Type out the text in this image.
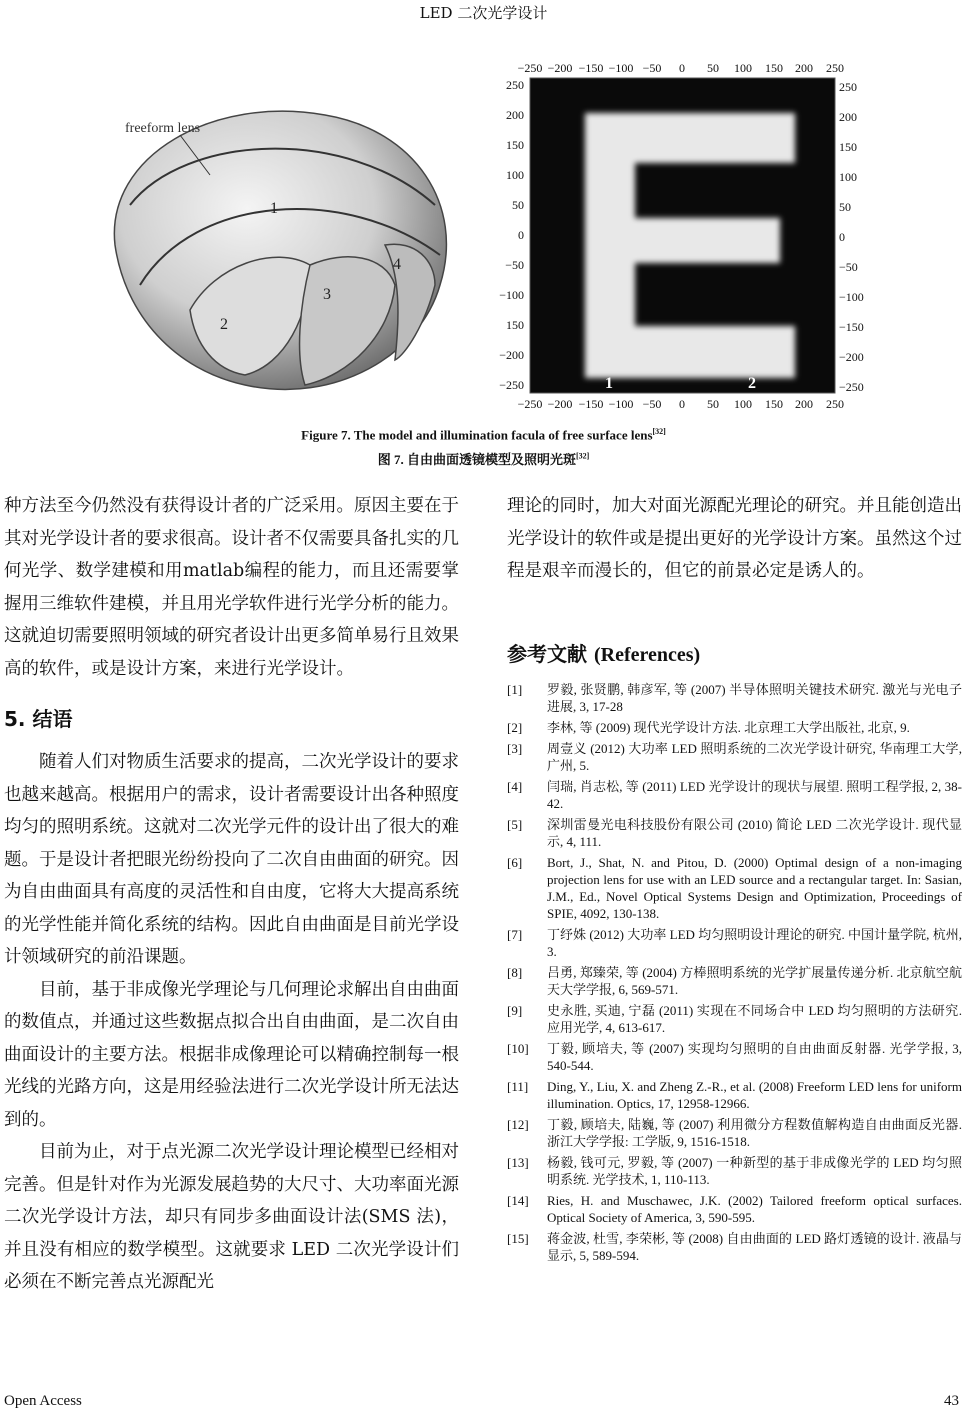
LED 二次光学设计
freeform lens
1
2
3
4
−250 −200 −150 −100 −50 0 50 100 150 200 250
−250 −200 −150 −100 −50 0 50 100 150 200 250
250
200
150
100
50
0
−50
−100
150
−200
−250
250
200
150
100
50
0
−50
−100
−150
−200
−250
1	2
Figure 7. The model and illumination facula of free surface lens[32]
图 7. 自由曲面透镜模型及照明光斑[32]

种方法至今仍然没有获得设计者的广泛采用。原因主要在于其对光学设计者的要求很高。设计者不仅需要具备扎实的几何光学、数学建模和用matlab编程的能力，而且还需要掌握用三维软件建模，并且用光学软件进行光学分析的能力。这就迫切需要照明领域的研究者设计出更多简单易行且效果高的软件，或是设计方案，来进行光学设计。

5. 结语

随着人们对物质生活要求的提高，二次光学设计的要求也越来越高。根据用户的需求，设计者需要设计出各种照度均匀的照明系统。这就对二次光学元件的设计出了很大的难题。于是设计者把眼光纷纷投向了二次自由曲面的研究。因为自由曲面具有高度的灵活性和自由度，它将大大提高系统的光学性能并简化系统的结构。因此自由曲面是目前光学设计领域研究的前沿课题。

目前，基于非成像光学理论与几何理论求解出自由曲面的数值点，并通过这些数据点拟合出自由曲面，是二次自由曲面设计的主要方法。根据非成像理论可以精确控制每一根光线的光路方向，这是用经验法进行二次光学设计所无法达到的。

目前为止，对于点光源二次光学设计理论模型已经相对完善。但是针对作为光源发展趋势的大尺寸、大功率面光源二次光学设计方法，却只有同步多曲面设计法(SMS 法)，并且没有相应的数学模型。这就要求 LED 二次光学设计们必须在不断完善点光源配光

理论的同时，加大对面光源配光理论的研究。并且能创造出光学设计的软件或是提出更好的光学设计方案。虽然这个过程是艰辛而漫长的，但它的前景必定是诱人的。

参考文献 (References)
[1]	罗毅, 张贤鹏, 韩彦军, 等 (2007) 半导体照明关键技术研究. 激光与光电子进展, 3, 17-28
[2]	李林, 等 (2009) 现代光学设计方法. 北京理工大学出版社, 北京, 9.
[3]	周壹义 (2012) 大功率 LED 照明系统的二次光学设计研究, 华南理工大学, 广州, 5.
[4]	闫瑞, 肖志松, 等 (2011) LED 光学设计的现状与展望. 照明工程学报, 2, 38-42.
[5]	深圳雷曼光电科技股份有限公司 (2010) 简论 LED 二次光学设计. 现代显示, 4, 111.
[6]	Bort, J., Shat, N. and Pitou, D. (2000) Optimal design of a non-imaging projection lens for use with an LED source and a rectangular target. In: Sasian, J.M., Ed., Novel Optical Systems Design and Optimization, Proceedings of SPIE, 4092, 130-138.
[7]	丁纾姝 (2012) 大功率 LED 均匀照明设计理论的研究. 中国计量学院, 杭州, 3.
[8]	吕勇, 郑臻荣, 等 (2004) 方棒照明系统的光学扩展量传递分析. 北京航空航天大学学报, 6, 569-571.
[9]	史永胜, 买迪, 宁磊 (2011) 实现在不同场合中 LED 均匀照明的方法研究. 应用光学, 4, 613-617.
[10]	丁毅, 顾培夫, 等 (2007) 实现均匀照明的自由曲面反射器. 光学学报, 3, 540-544.
[11]	Ding, Y., Liu, X. and Zheng Z.-R., et al. (2008) Freeform LED lens for uniform illumination. Optics, 17, 12958-12966.
[12]	丁毅, 顾培夫, 陆巍, 等 (2007) 利用微分方程数值解构造自由曲面反光器. 浙江大学学报: 工学版, 9, 1516-1518.
[13]	杨毅, 钱可元, 罗毅, 等 (2007) 一种新型的基于非成像光学的 LED 均匀照明系统. 光学技术, 1, 110-113.
[14]	Ries, H. and Muschawec, J.K. (2002) Tailored freeform optical surfaces. Optical Society of America, 3, 590-595.
[15]	蒋金波, 杜雪, 李荣彬, 等 (2008) 自由曲面的 LED 路灯透镜的设计. 液晶与显示, 5, 589-594.
Open Access	43
